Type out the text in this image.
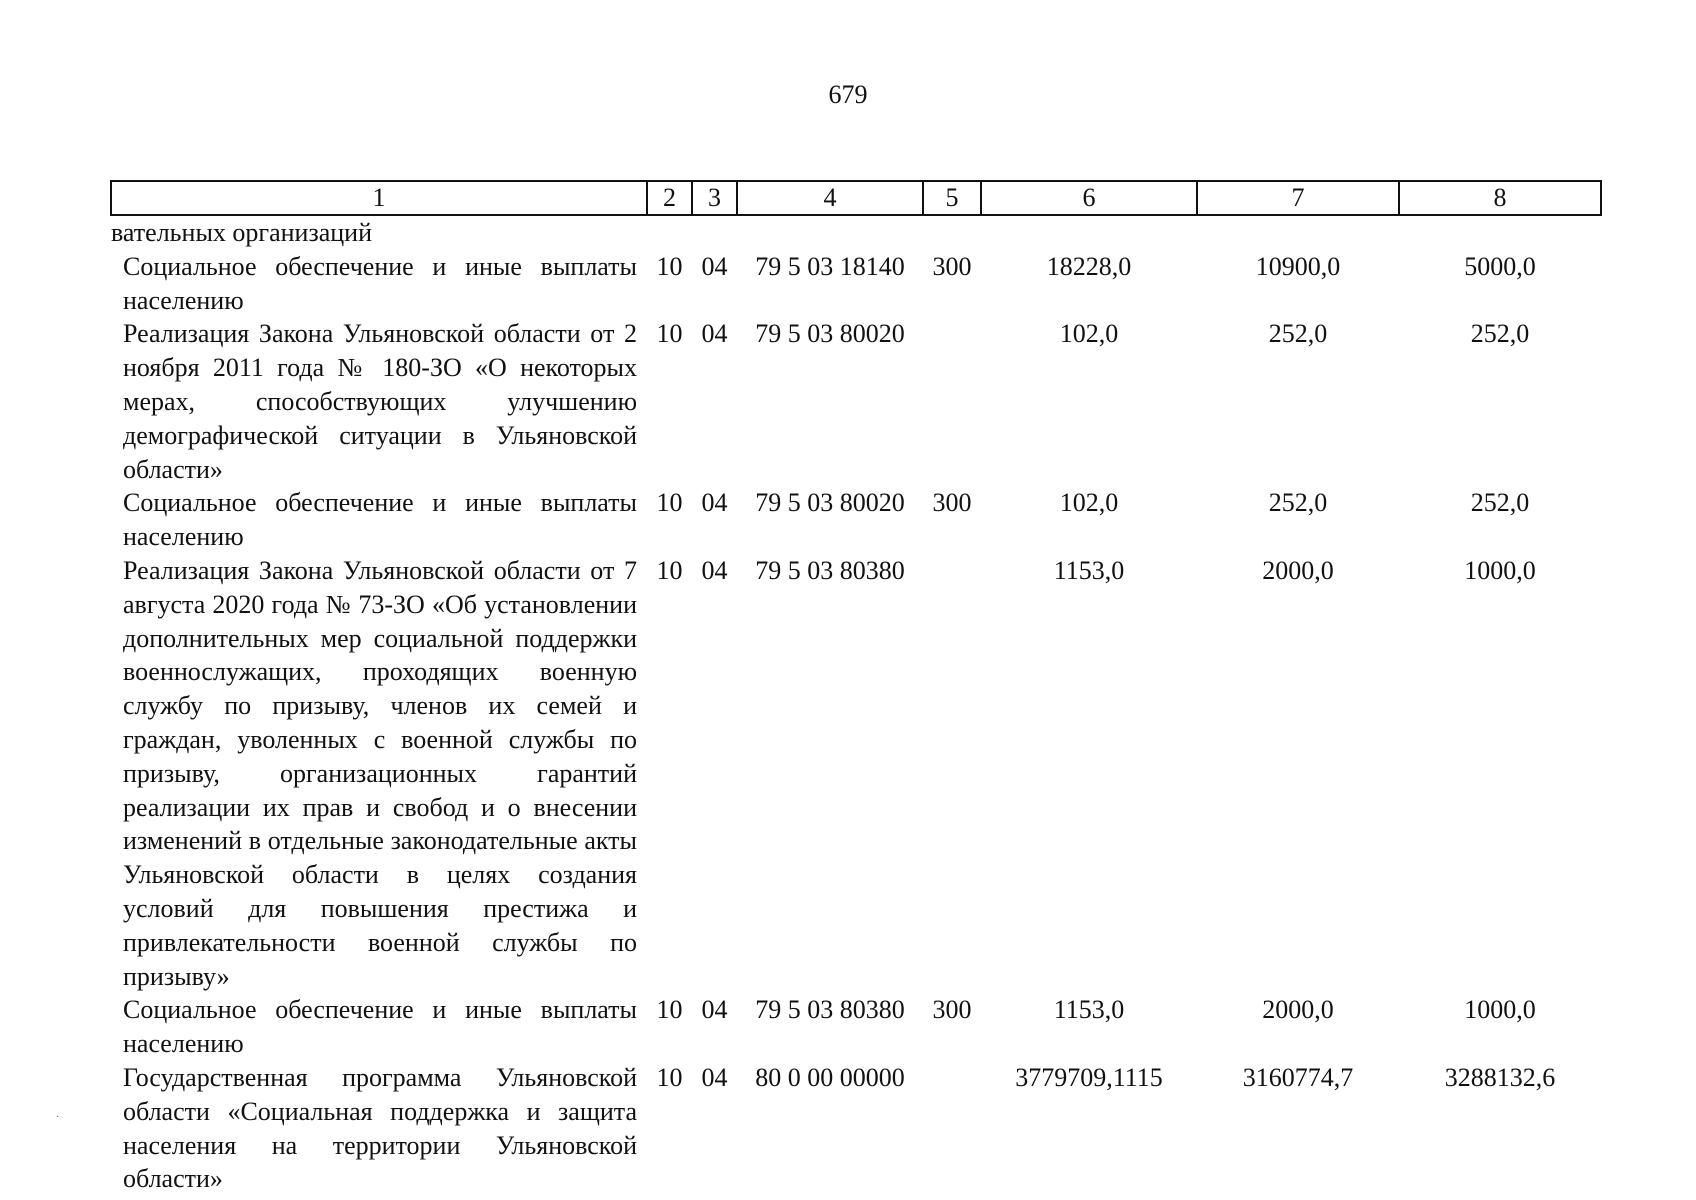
679
1	2	3	4	5	6	7	8
вательных организаций							
Социальное обеспечение и иные выплаты населению	10	04	79 5 03 18140	300	18228,0	10900,0	5000,0
Реализация Закона Ульяновской области от 2 ноября 2011 года № 180-ЗО «О некоторых мерах, способствующих улучшению демографической ситуации в Ульяновской области»	10	04	79 5 03 80020		102,0	252,0	252,0
Социальное обеспечение и иные выплаты населению	10	04	79 5 03 80020	300	102,0	252,0	252,0
Реализация Закона Ульяновской области от 7 августа 2020 года № 73-ЗО «Об установлении дополнительных мер социальной поддержки военнослужащих, проходящих военную службу по призыву, членов их семей и граждан, уволенных с военной службы по призыву, организационных гарантий реализации их прав и свобод и о внесении изменений в отдельные законодательные акты Ульяновской области в целях создания условий для повышения престижа и привлекательности военной службы по призыву»	10	04	79 5 03 80380		1153,0	2000,0	1000,0
Социальное обеспечение и иные выплаты населению	10	04	79 5 03 80380	300	1153,0	2000,0	1000,0
Государственная программа Ульяновской области «Социальная поддержка и защита населения на территории Ульяновской области»	10	04	80 0 00 00000		3779709,1115	3160774,7	3288132,6
·
